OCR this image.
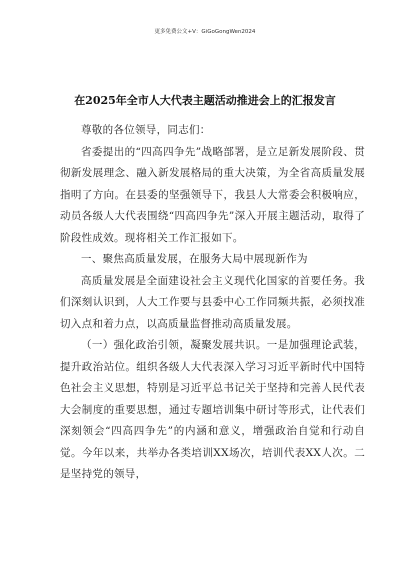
更多免费公文+V：GiGoGongWen2024
在2025年全市人大代表主题活动推进会上的汇报发言

尊敬的各位领导，同志们：

省委提出的“四高四争先”战略部署，是立足新发展阶段、贯彻新发展理念、融入新发展格局的重大决策，为全省高质量发展指明了方向。在县委的坚强领导下，我县人大常委会积极响应，动员各级人大代表围绕“四高四争先”深入开展主题活动，取得了阶段性成效。现将相关工作汇报如下。

一、聚焦高质量发展，在服务大局中展现新作为

高质量发展是全面建设社会主义现代化国家的首要任务。我们深刻认识到，人大工作要与县委中心工作同频共振，必须找准切入点和着力点，以高质量监督推动高质量发展。

（一）强化政治引领，凝聚发展共识。一是加强理论武装，提升政治站位。组织各级人大代表深入学习习近平新时代中国特色社会主义思想，特别是习近平总书记关于坚持和完善人民代表大会制度的重要思想，通过专题培训集中研讨等形式，让代表们深刻领会“四高四争先”的内涵和意义，增强政治自觉和行动自觉。今年以来，共举办各类培训XX场次，培训代表XX人次。二是坚持党的领导，
